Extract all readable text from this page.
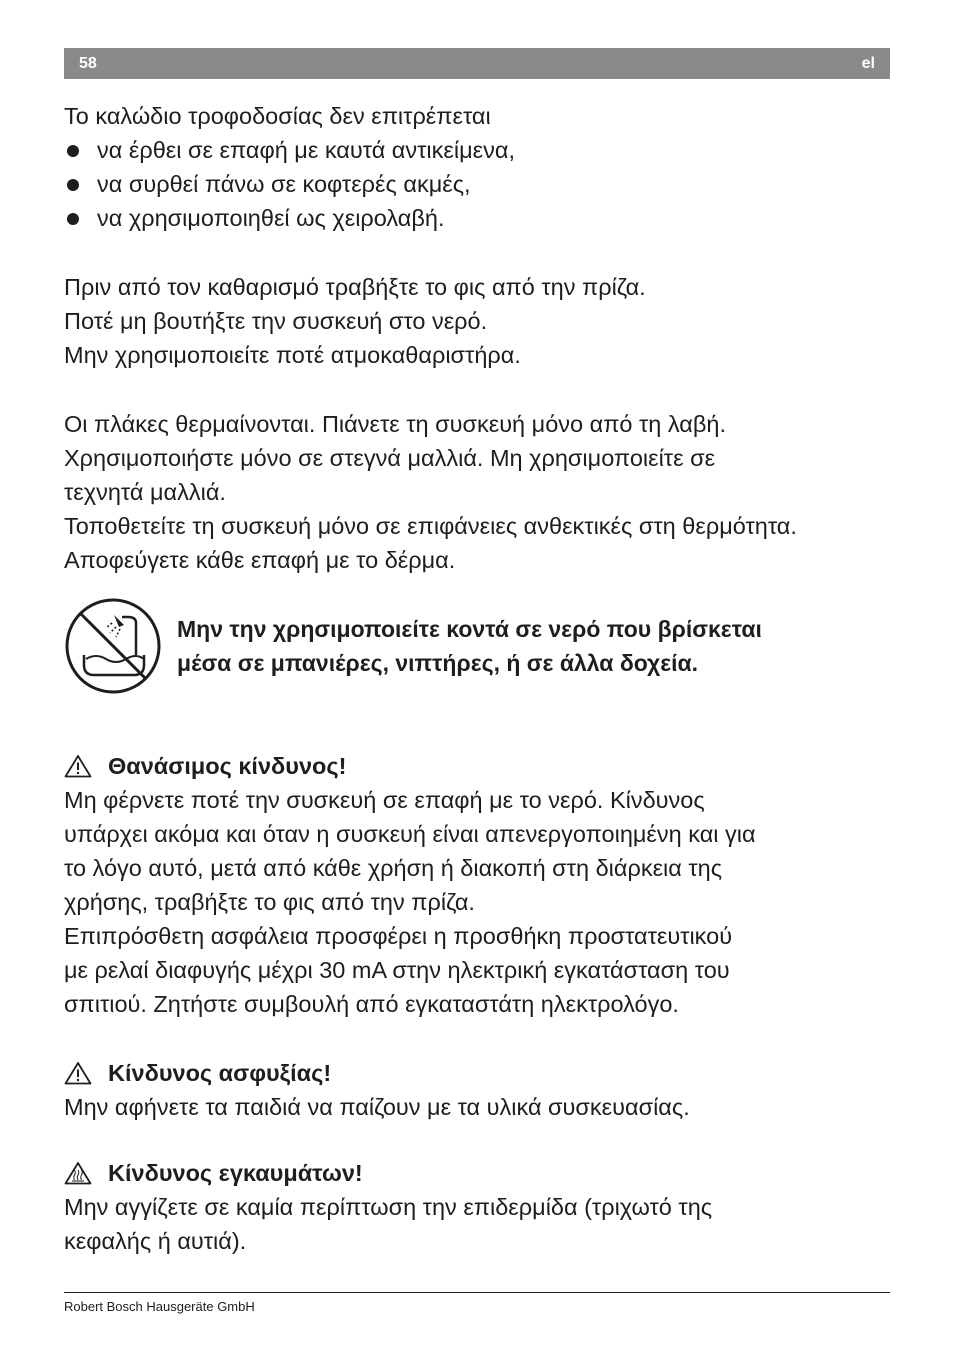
58	el
Το καλώδιο τροφοδοσίας δεν επιτρέπεται
να έρθει σε επαφή με καυτά αντικείμενα,
να συρθεί πάνω σε κοφτερές ακμές,
να χρησιμοποιηθεί ως χειρολαβή.
Πριν από τον καθαρισμό τραβήξτε το φις από την πρίζα.
Ποτέ μη βουτήξτε την συσκευή στο νερό.
Μην χρησιμοποιείτε ποτέ ατμοκαθαριστήρα.
Οι πλάκες θερμαίνονται. Πιάνετε τη συσκευή μόνο από τη λαβή.
Χρησιμοποιήστε μόνο σε στεγνά μαλλιά. Μη χρησιμοποιείτε σε
τεχνητά μαλλιά.
Τοποθετείτε τη συσκευή μόνο σε επιφάνειες ανθεκτικές στη θερμότητα.
Αποφεύγετε κάθε επαφή με το δέρμα.
Μην την χρησιμοποιείτε κοντά σε νερό που βρίσκεται
μέσα σε μπανιέρες, νιπτήρες, ή σε άλλα δοχεία.
Θανάσιμος κίνδυνος!
Μη φέρνετε ποτέ την συσκευή σε επαφή με το νερό. Κίνδυνος
υπάρχει ακόμα και όταν η συσκευή είναι απενεργοποιημένη και για
το λόγο αυτό, μετά από κάθε χρήση ή διακοπή στη διάρκεια της
χρήσης, τραβήξτε το φις από την πρίζα.
Επιπρόσθετη ασφάλεια προσφέρει η προσθήκη προστατευτικού
με ρελαί διαφυγής μέχρι 30 mA στην ηλεκτρική εγκατάσταση του
σπιτιού. Ζητήστε συμβουλή από εγκαταστάτη ηλεκτρολόγο.
Κίνδυνος ασφυξίας!
Μην αφήνετε τα παιδιά να παίζουν με τα υλικά συσκευασίας.
Κίνδυνος εγκαυμάτων!
Μην αγγίζετε σε καμία περίπτωση την επιδερμίδα (τριχωτό της
κεφαλής ή αυτιά).
Robert Bosch Hausgeräte GmbH
